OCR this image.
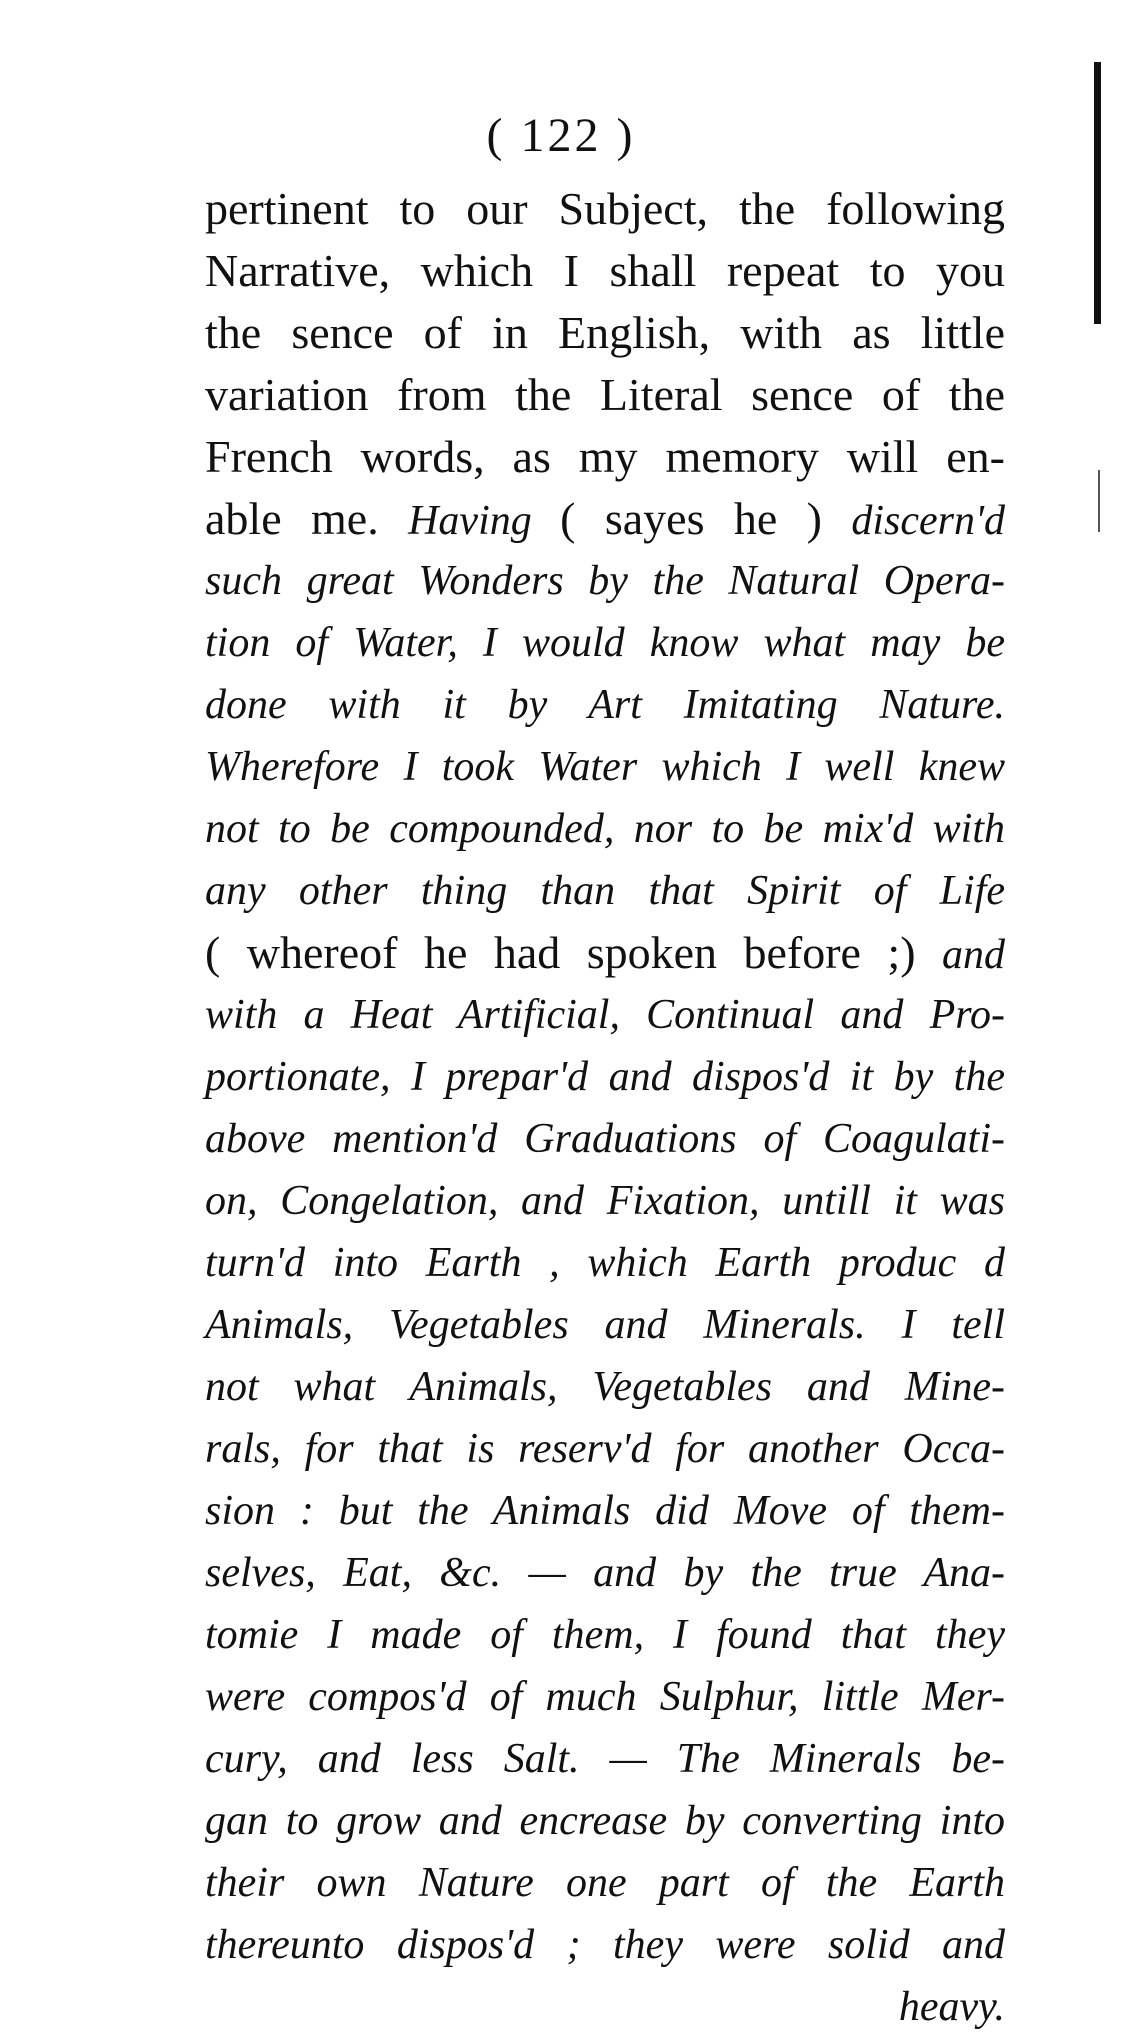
( 122 )
pertinent to our Subject, the following
Narrative, which I shall repeat to you
the sence of in English, with as little
variation from the Literal sence of the
French words, as my memory will en-
able me. Having ( sayes he ) discern'd
such great Wonders by the Natural Opera-
tion of Water, I would know what may be
done with it by Art Imitating Nature.
Wherefore I took Water which I well knew
not to be compounded, nor to be mix'd with
any other thing than that Spirit of Life
( whereof he had spoken before ;) and
with a Heat Artificial, Continual and Pro-
portionate, I prepar'd and dispos'd it by the
above mention'd Graduations of Coagulati-
on, Congelation, and Fixation, untill it was
turn'd into Earth , which Earth produc d
Animals, Vegetables and Minerals. I tell
not what Animals, Vegetables and Mine-
rals, for that is reserv'd for another Occa-
sion : but the Animals did Move of them-
selves, Eat, &c. — and by the true Ana-
tomie I made of them, I found that they
were compos'd of much Sulphur, little Mer-
cury, and less Salt. — The Minerals be-
gan to grow and encrease by converting into
their own Nature one part of the Earth
thereunto dispos'd ; they were solid and
heavy.
